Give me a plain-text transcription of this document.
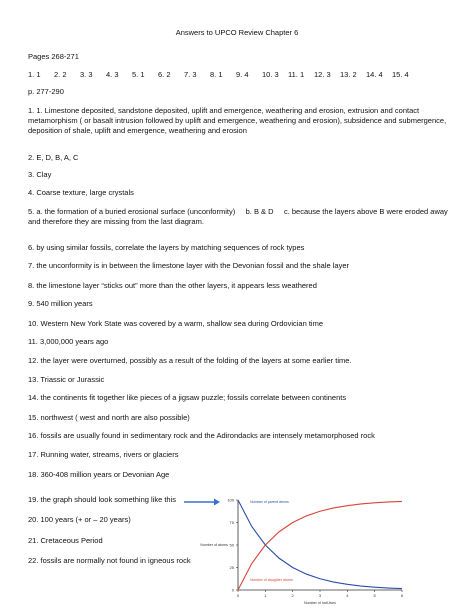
Answers to UPCO Review Chapter 6
Pages 268-271
1. 1 2. 2 3. 3 4. 3 5. 1 6. 2 7. 3 8. 1 9. 4 10. 3 11. 1 12. 3 13. 2 14. 4 15. 4
p. 277-290
1. 1. Limestone deposited, sandstone deposited, uplift and emergence, weathering and erosion, extrusion and contact metamorphism ( or basalt intrusion followed by uplift and emergence, weathering and erosion), subsidence and submergence, deposition of shale, uplift and emergence, weathering and erosion
2. E, D, B, A, C
3. Clay
4. Coarse texture, large crystals
5. a. the formation of a buried erosional surface (unconformity)     b. B & D     c. because the layers above B were eroded away and therefore they are missing from the last diagram.
6. by using similar fossils, correlate the layers by matching sequences of rock types
7. the unconformity is in between the limestone layer with the Devonian fossil and the shale layer
8. the limestone layer “sticks out” more than the other layers, it appears less weathered
9. 540 million years
10. Western New York State was covered by a warm, shallow sea during Ordovician time
11. 3,000,000 years ago
12. the layer were overturned, possibly as a result of the folding of the layers at some earlier time.
13. Triassic or Jurassic
14. the continents fit together like pieces of a jigsaw puzzle; fossils correlate between continents
15. northwest ( west and north are also possible)
16. fossils are usually found in sedimentary rock and the Adirondacks are intensely metamorphosed rock
17. Running water, streams, rivers or glaciers
18. 360-408 million years or Devonian Age
19. the graph should look something like this
20. 100 years (+ or – 20 years)
21. Cretaceous Period
22. fossils are normally not found in igneous rock
100
75
50
25
0
0	1	2	3	4	5	6
Number of atoms
Number of half-lives
Number of parent atoms
Number of daughter atoms
